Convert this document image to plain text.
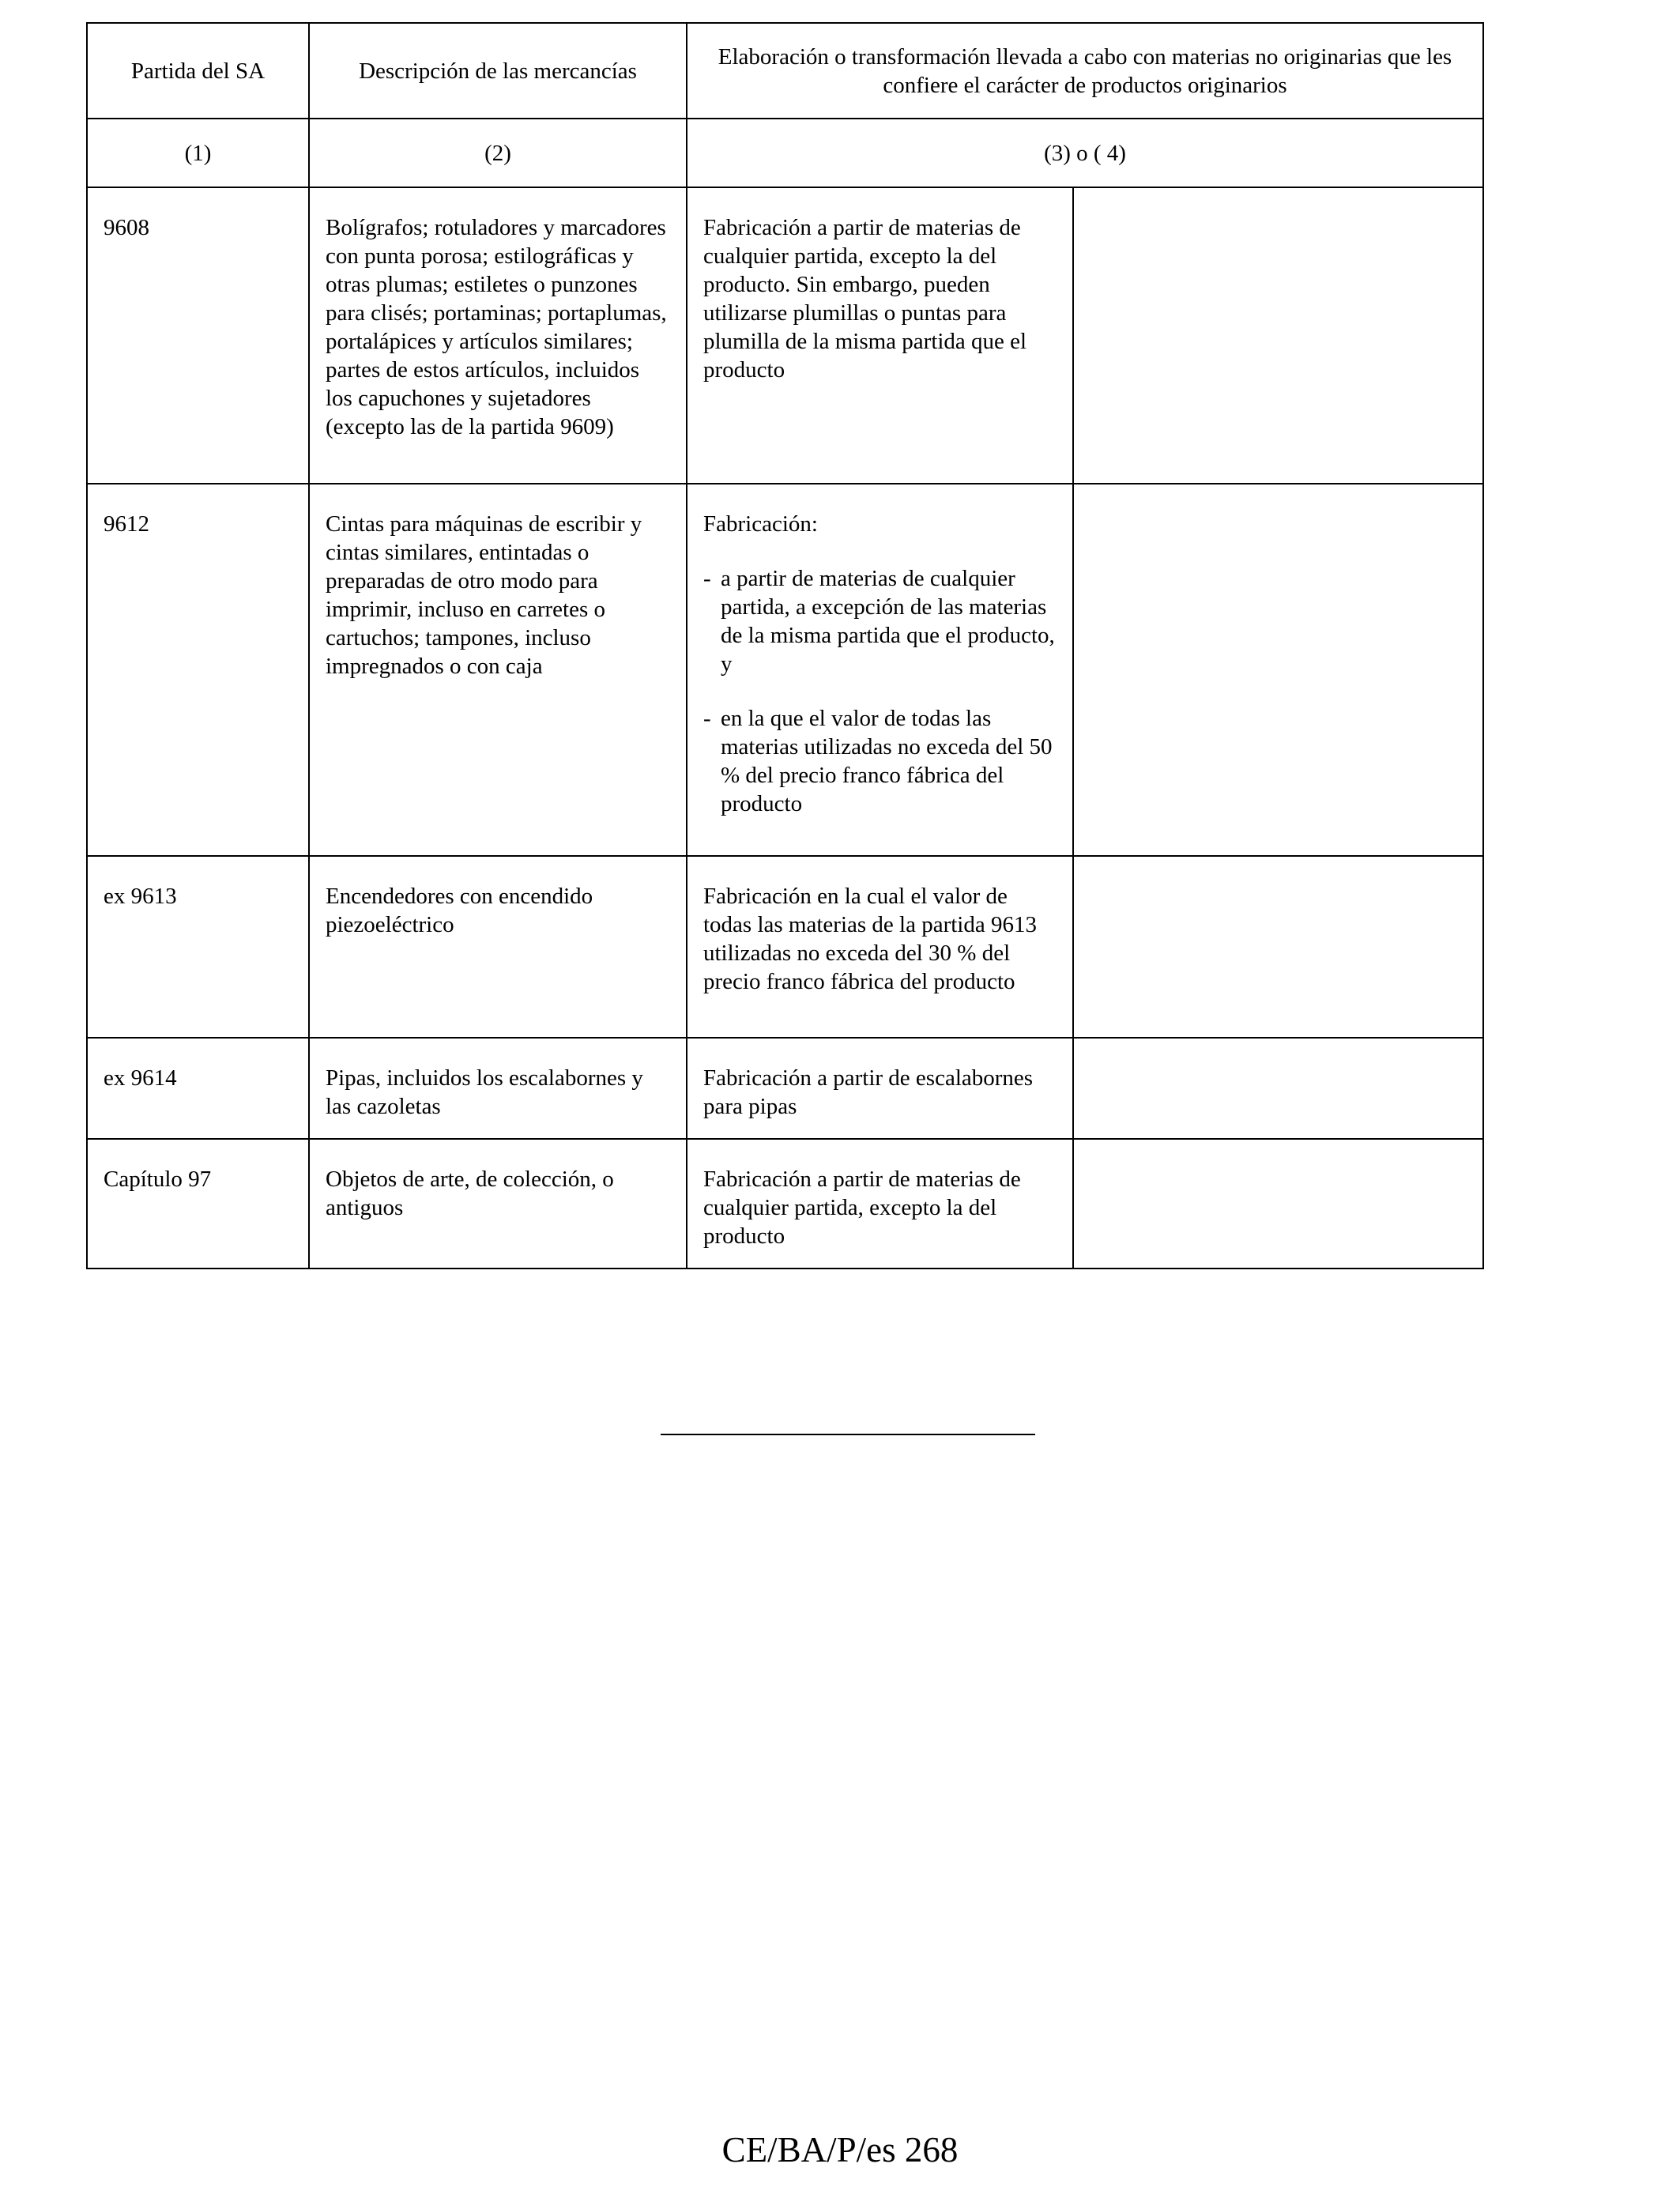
Partida del SA	Descripción de las mercancías	Elaboración o transformación llevada a cabo con materias no originarias que les confiere el carácter de productos originarios	
(1)	(2)	(3) o ( 4)	
9608	Bolígrafos; rotuladores y marcadores con punta porosa; estilográficas y otras plumas; estiletes o punzones para clisés; portaminas; portaplumas, portalápices y artículos similares; partes de estos artículos, incluidos los capuchones y sujetadores (excepto las de la partida 9609)	Fabricación a partir de materias de cualquier partida, excepto la del producto. Sin embargo, pueden utilizarse plumillas o puntas para plumilla de la misma partida que el producto	

9612	Cintas para máquinas de escribir y cintas similares, entintadas o preparadas de otro modo para imprimir, incluso en carretes o cartuchos; tampones, incluso impregnados o con caja	Fabricación:
- a partir de materias de cualquier partida, a excepción de las materias de la misma partida que el producto, y
- en la que el valor de todas las materias utilizadas no exceda del 50 % del precio franco fábrica del producto	

ex 9613	Encendedores con encendido piezoeléctrico	Fabricación en la cual el valor de todas las materias de la partida 9613 utilizadas no exceda del 30 % del precio franco fábrica del producto	

ex 9614	Pipas, incluidos los escalabornes y las cazoletas	Fabricación a partir de escalabornes para pipas	

Capítulo 97	Objetos de arte, de colección, o antiguos	Fabricación a partir de materias de cualquier partida, excepto la del producto	

CE/BA/P/es 268
